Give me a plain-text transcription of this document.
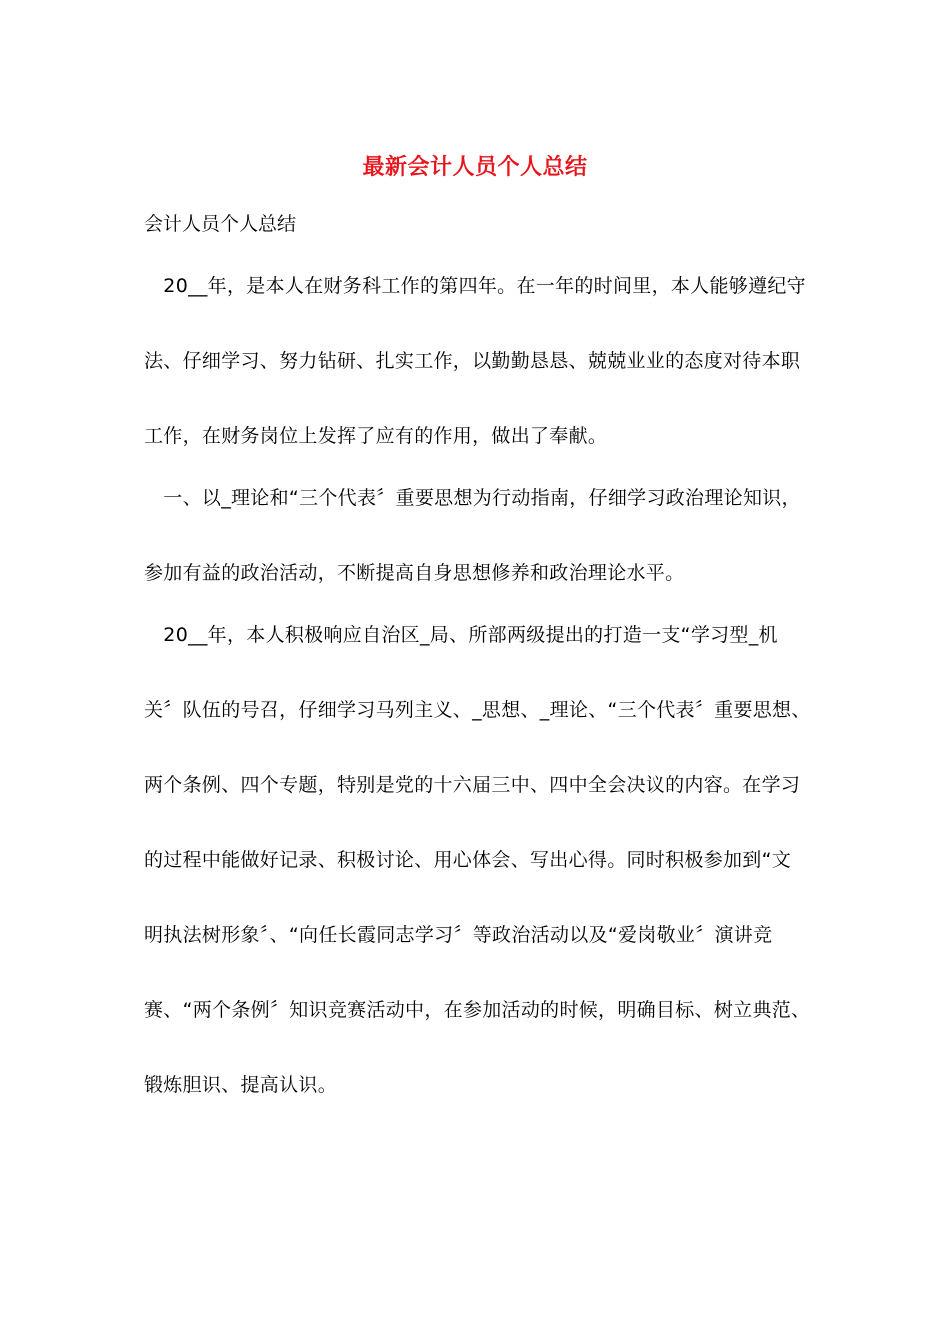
最新会计人员个人总结
会计人员个人总结
　20__年，是本人在财务科工作的第四年。在一年的时间里，本人能够遵纪守
法、仔细学习、努力钻研、扎实工作，以勤勤恳恳、兢兢业业的态度对待本职
工作，在财务岗位上发挥了应有的作用，做出了奉献。
　一、以_理论和“三个代表〞重要思想为行动指南，仔细学习政治理论知识，
参加有益的政治活动，不断提高自身思想修养和政治理论水平。
　20__年，本人积极响应自治区_局、所部两级提出的打造一支“学习型_机
关〞队伍的号召，仔细学习马列主义、_思想、_理论、“三个代表〞重要思想、
两个条例、四个专题，特别是党的十六届三中、四中全会决议的内容。在学习
的过程中能做好记录、积极讨论、用心体会、写出心得。同时积极参加到“文
明执法树形象〞、“向任长霞同志学习〞等政治活动以及“爱岗敬业〞演讲竞
赛、“两个条例〞知识竞赛活动中，在参加活动的时候，明确目标、树立典范、
锻炼胆识、提高认识。
